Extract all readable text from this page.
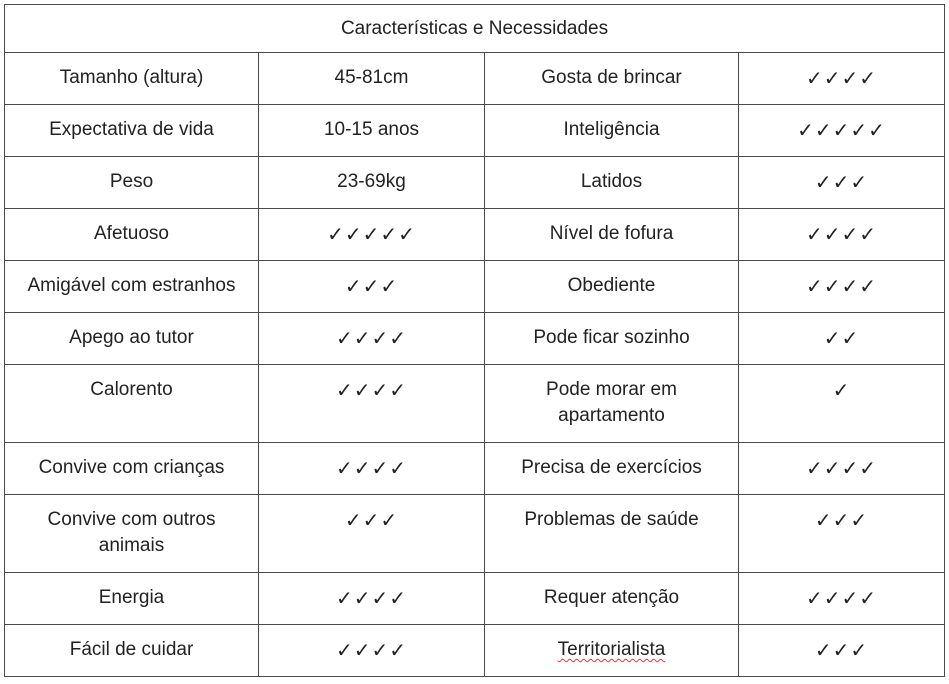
Características e Necessidades			
Tamanho (altura)	45-81cm	Gosta de brincar	✓✓✓✓
Expectativa de vida	10-15 anos	Inteligência	✓✓✓✓✓
Peso	23-69kg	Latidos	✓✓✓
Afetuoso	✓✓✓✓✓	Nível de fofura	✓✓✓✓
Amigável com estranhos	✓✓✓	Obediente	✓✓✓✓
Apego ao tutor	✓✓✓✓	Pode ficar sozinho	✓✓
Calorento	✓✓✓✓	Pode morar em apartamento	✓
Convive com crianças	✓✓✓✓	Precisa de exercícios	✓✓✓✓
Convive com outros animais	✓✓✓	Problemas de saúde	✓✓✓
Energia	✓✓✓✓	Requer atenção	✓✓✓✓
Fácil de cuidar	✓✓✓✓	Territorialista	✓✓✓
